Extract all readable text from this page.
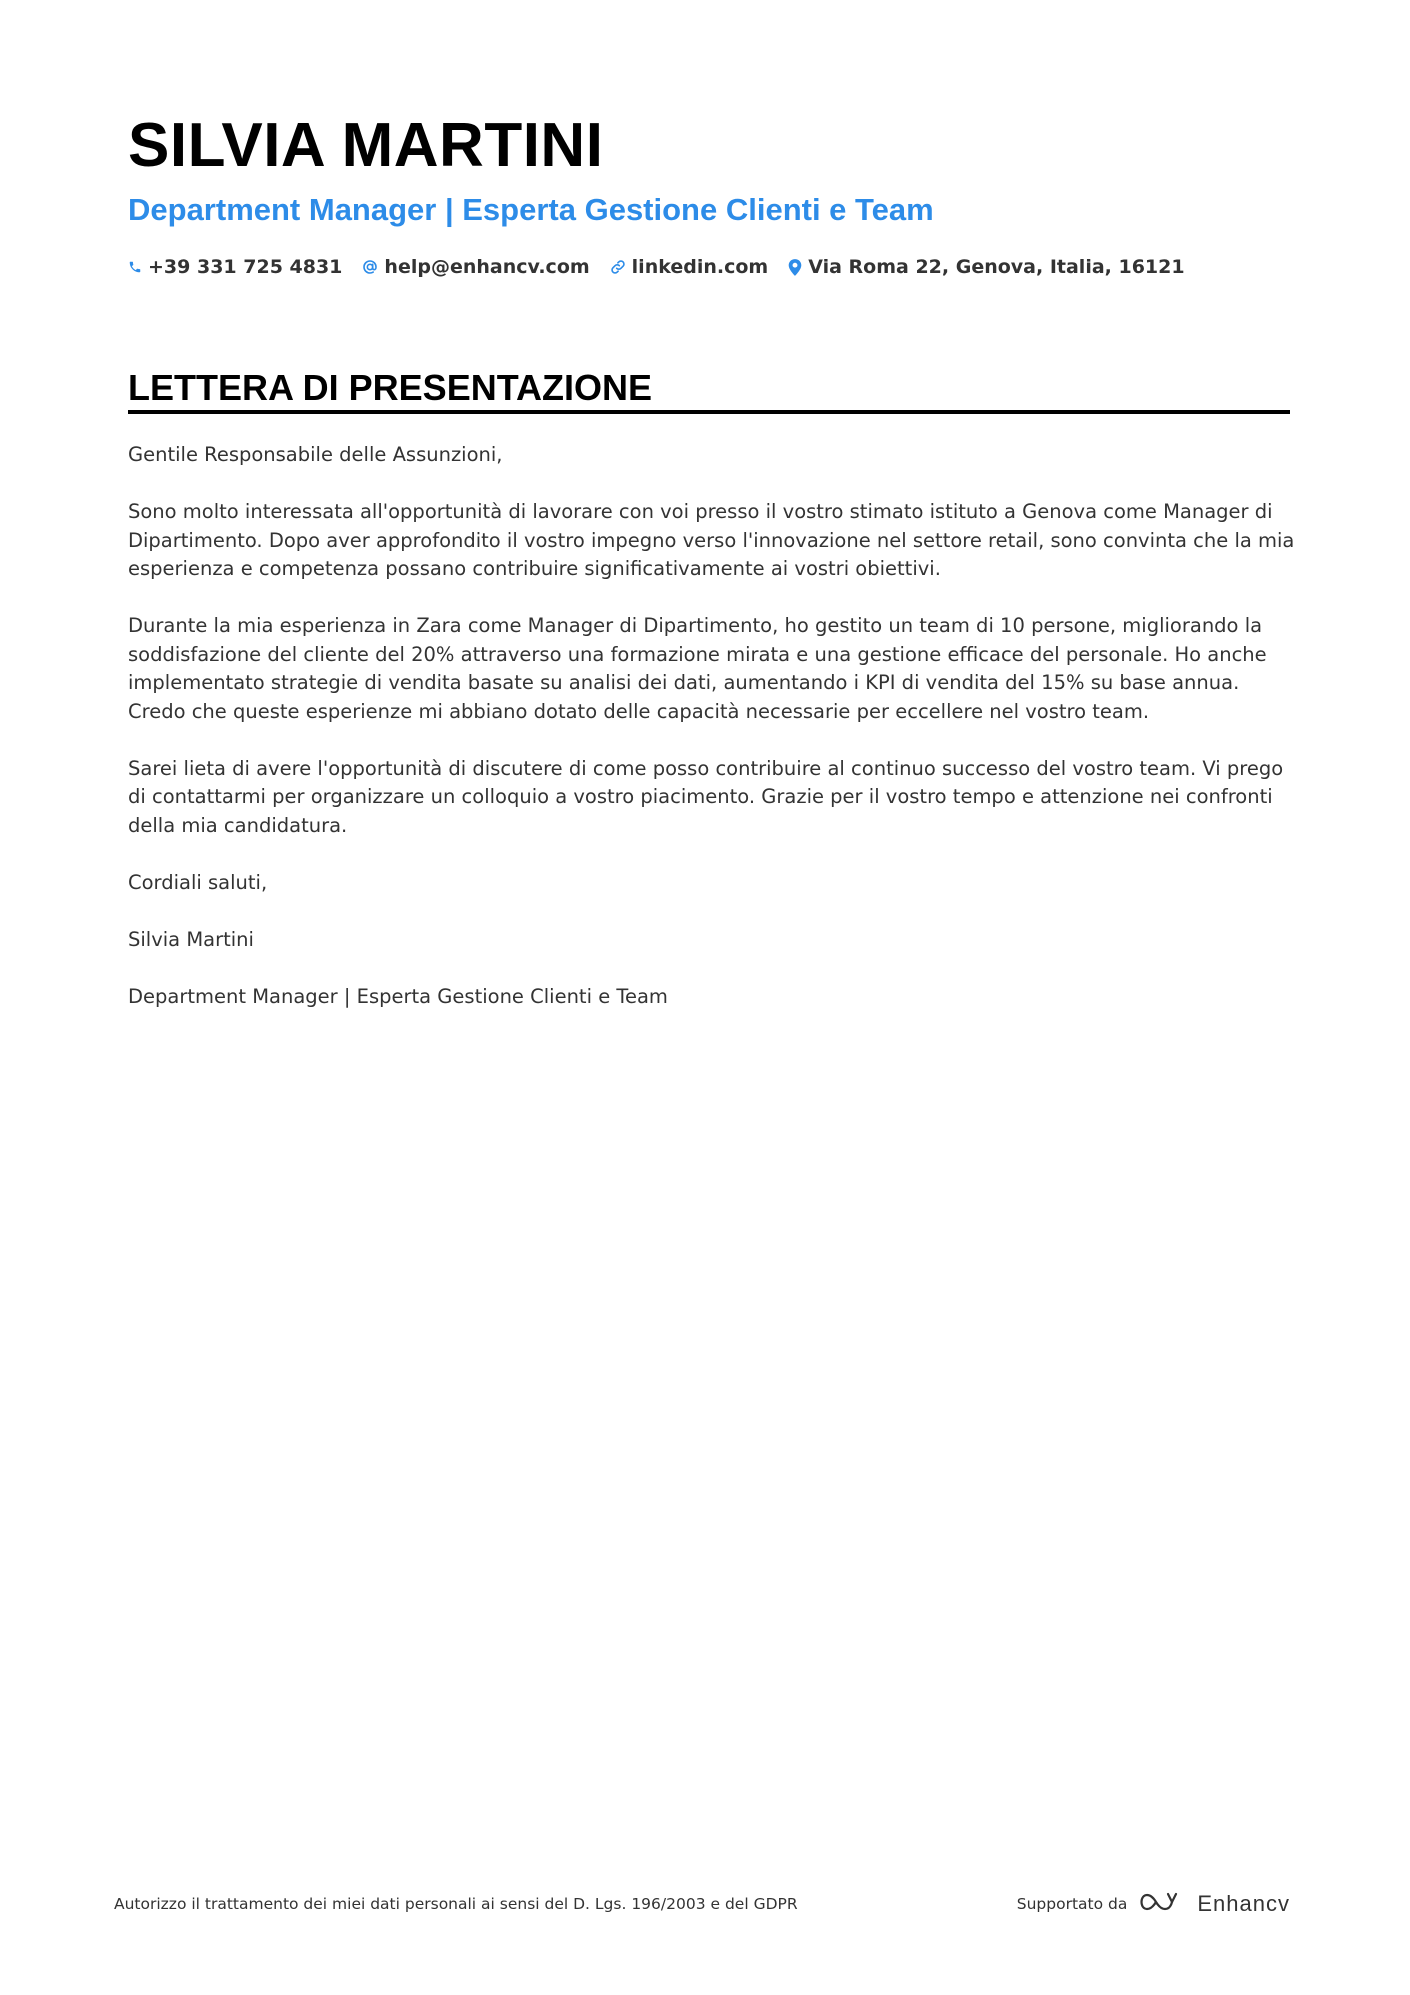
SILVIA MARTINI
Department Manager | Esperta Gestione Clienti e Team
+39 331 725 4831 help@enhancv.com linkedin.com Via Roma 22, Genova, Italia, 16121
LETTERA DI PRESENTAZIONE

Gentile Responsabile delle Assunzioni,

Sono molto interessata all'opportunità di lavorare con voi presso il vostro stimato istituto a Genova come Manager di Dipartimento. Dopo aver approfondito il vostro impegno verso l'innovazione nel settore retail, sono convinta che la mia esperienza e competenza possano contribuire significativamente ai vostri obiettivi.

Durante la mia esperienza in Zara come Manager di Dipartimento, ho gestito un team di 10 persone, migliorando la soddisfazione del cliente del 20% attraverso una formazione mirata e una gestione efficace del personale. Ho anche implementato strategie di vendita basate su analisi dei dati, aumentando i KPI di vendita del 15% su base annua. Credo che queste esperienze mi abbiano dotato delle capacità necessarie per eccellere nel vostro team.

Sarei lieta di avere l'opportunità di discutere di come posso contribuire al continuo successo del vostro team. Vi prego di contattarmi per organizzare un colloquio a vostro piacimento. Grazie per il vostro tempo e attenzione nei confronti della mia candidatura.

Cordiali saluti,

Silvia Martini

Department Manager | Esperta Gestione Clienti e Team

Autorizzo il trattamento dei miei dati personali ai sensi del D. Lgs. 196/2003 e del GDPR	Supportato da	Enhancv
